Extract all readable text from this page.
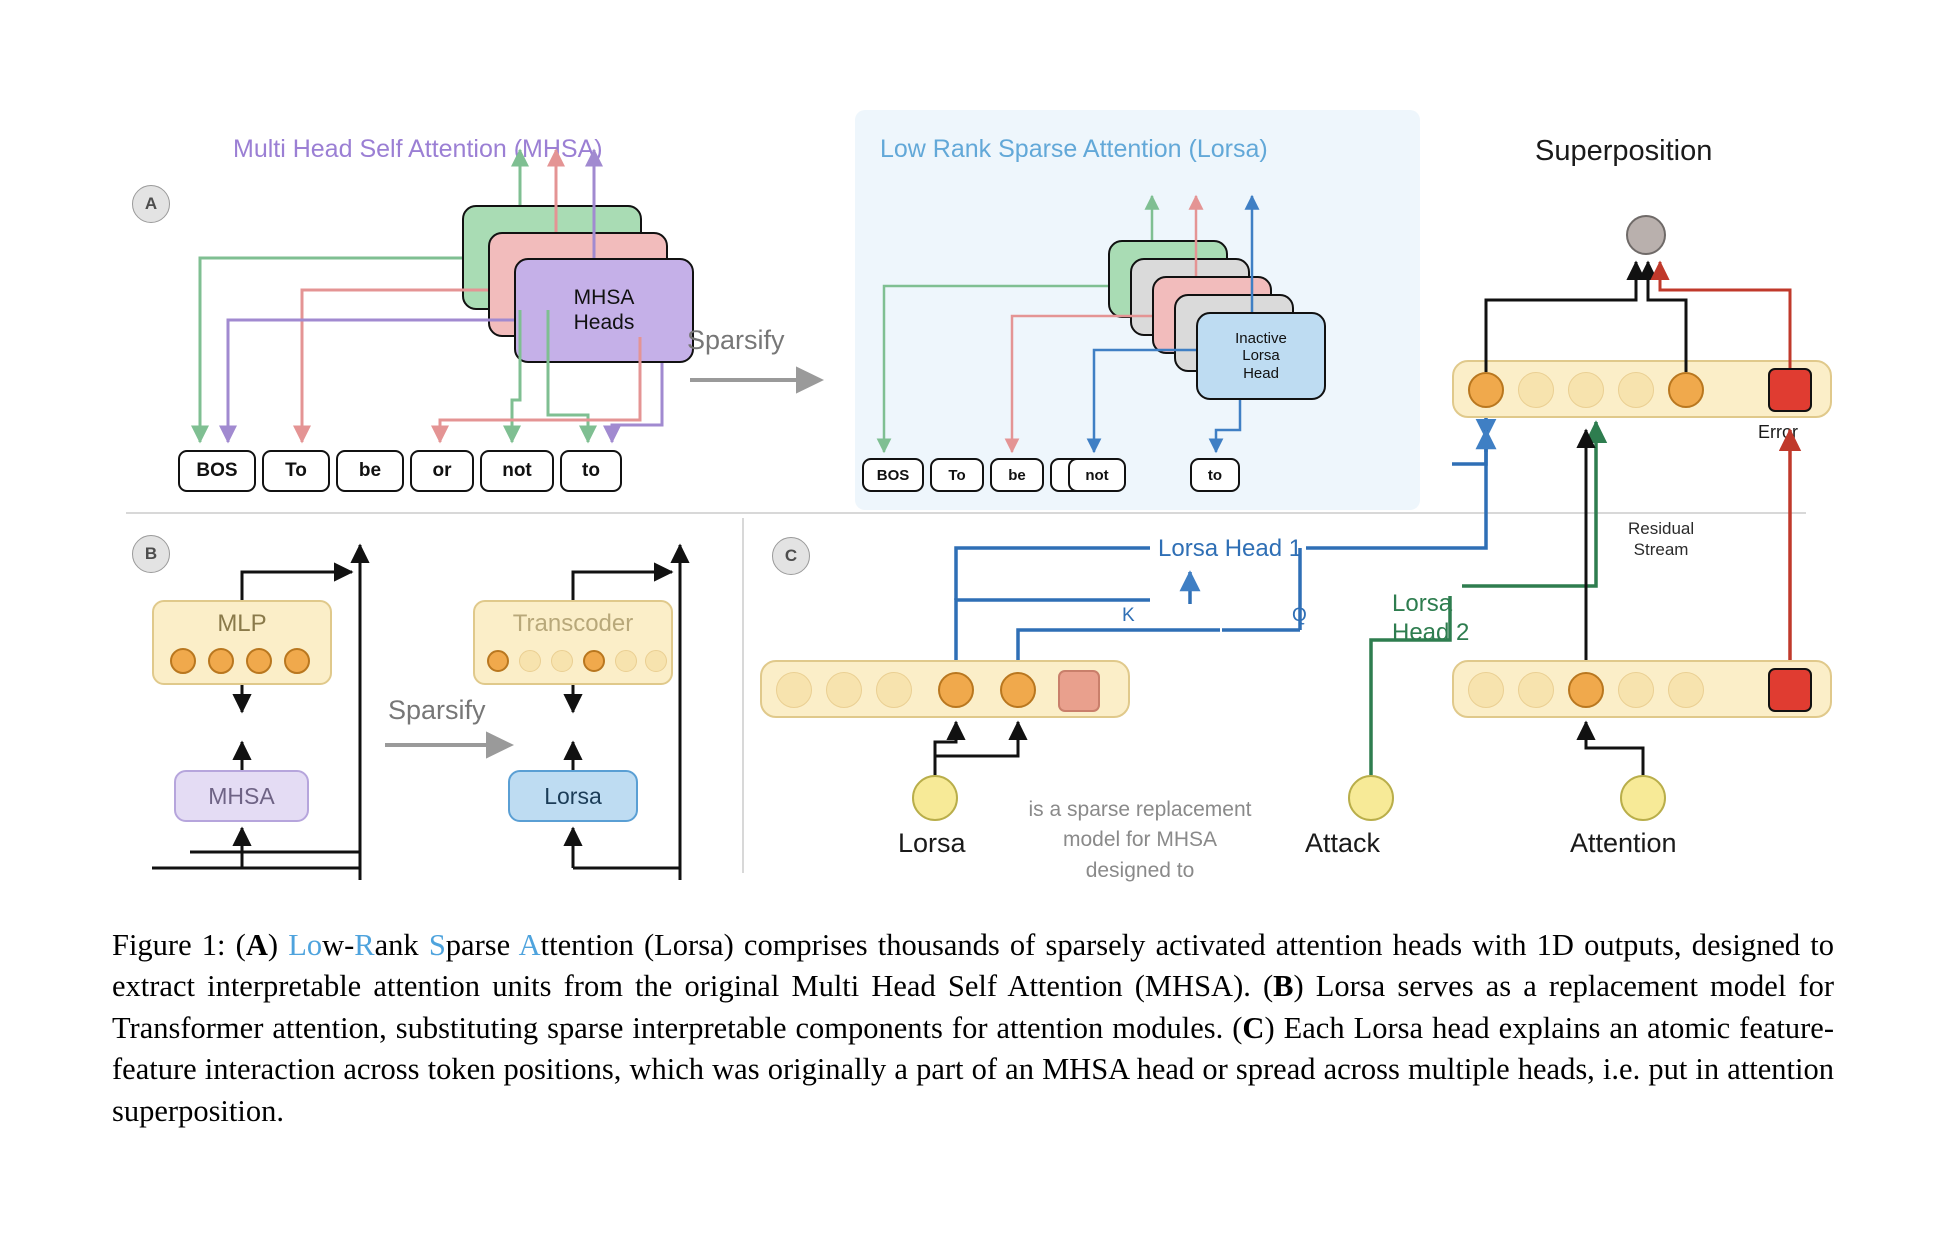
A
Multi Head Self Attention (MHSA)	Low Rank Sparse Attention (Lorsa)	Superposition
MHSA
Heads
Sparsify	Inactive
Lorsa
Head
BOS	To	be	or	not	to	BOS	To	be	not	to
Error
Residual
Stream
B
MLP
MHSA
Sparsify
Transcoder
Lorsa
C	Lorsa Head 1
Lorsa
Head 2
K	Q
Lorsa	Attack	Attention
is a sparse replacement
model for MHSA
designed to
Figure 1: (A) Low-Rank Sparse Attention (Lorsa) comprises thousands of sparsely activated attention heads with 1D outputs, designed to extract interpretable attention units from the original Multi Head Self Attention (MHSA). (B) Lorsa serves as a replacement model for Transformer attention, substituting sparse interpretable components for attention modules. (C) Each Lorsa head explains an atomic feature-feature interaction across token positions, which was originally a part of an MHSA head or spread across multiple heads, i.e. put in attention superposition.
